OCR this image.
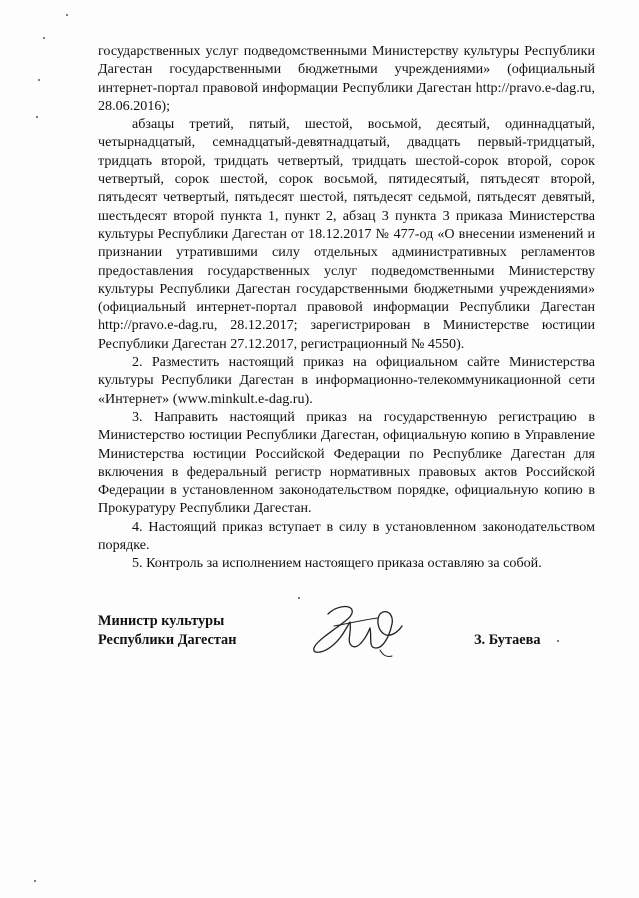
государственных услуг подведомственными Министерству культуры Республики Дагестан государственными бюджетными учреждениями» (официальный интернет-портал правовой информации Республики Дагестан http://pravo.e-dag.ru, 28.06.2016);

абзацы третий, пятый, шестой, восьмой, десятый, одиннадцатый, четырнадцатый, семнадцатый-девятнадцатый, двадцать первый-тридцатый, тридцать второй, тридцать четвертый, тридцать шестой-сорок второй, сорок четвертый, сорок шестой, сорок восьмой, пятидесятый, пятьдесят второй, пятьдесят четвертый, пятьдесят шестой, пятьдесят седьмой, пятьдесят девятый, шестьдесят второй пункта 1, пункт 2, абзац 3 пункта 3 приказа Министерства культуры Республики Дагестан от 18.12.2017 № 477-од «О внесении изменений и признании утратившими силу отдельных административных регламентов предоставления государственных услуг подведомственными Министерству культуры Республики Дагестан государственными бюджетными учреждениями» (официальный интернет-портал правовой информации Республики Дагестан http://pravo.e-dag.ru, 28.12.2017; зарегистрирован в Министерстве юстиции Республики Дагестан 27.12.2017, регистрационный № 4550).

2. Разместить настоящий приказ на официальном сайте Министерства культуры Республики Дагестан в информационно-телекоммуникационной сети «Интернет» (www.minkult.e-dag.ru).

3. Направить настоящий приказ на государственную регистрацию в Министерство юстиции Республики Дагестан, официальную копию в Управление Министерства юстиции Российской Федерации по Республике Дагестан для включения в федеральный регистр нормативных правовых актов Российской Федерации в установленном законодательством порядке, официальную копию в Прокуратуру Республики Дагестан.

4. Настоящий приказ вступает в силу в установленном законодательством порядке.

5. Контроль за исполнением настоящего приказа оставляю за собой.

Министр культуры
Республики Дагестан	З. Бутаева
